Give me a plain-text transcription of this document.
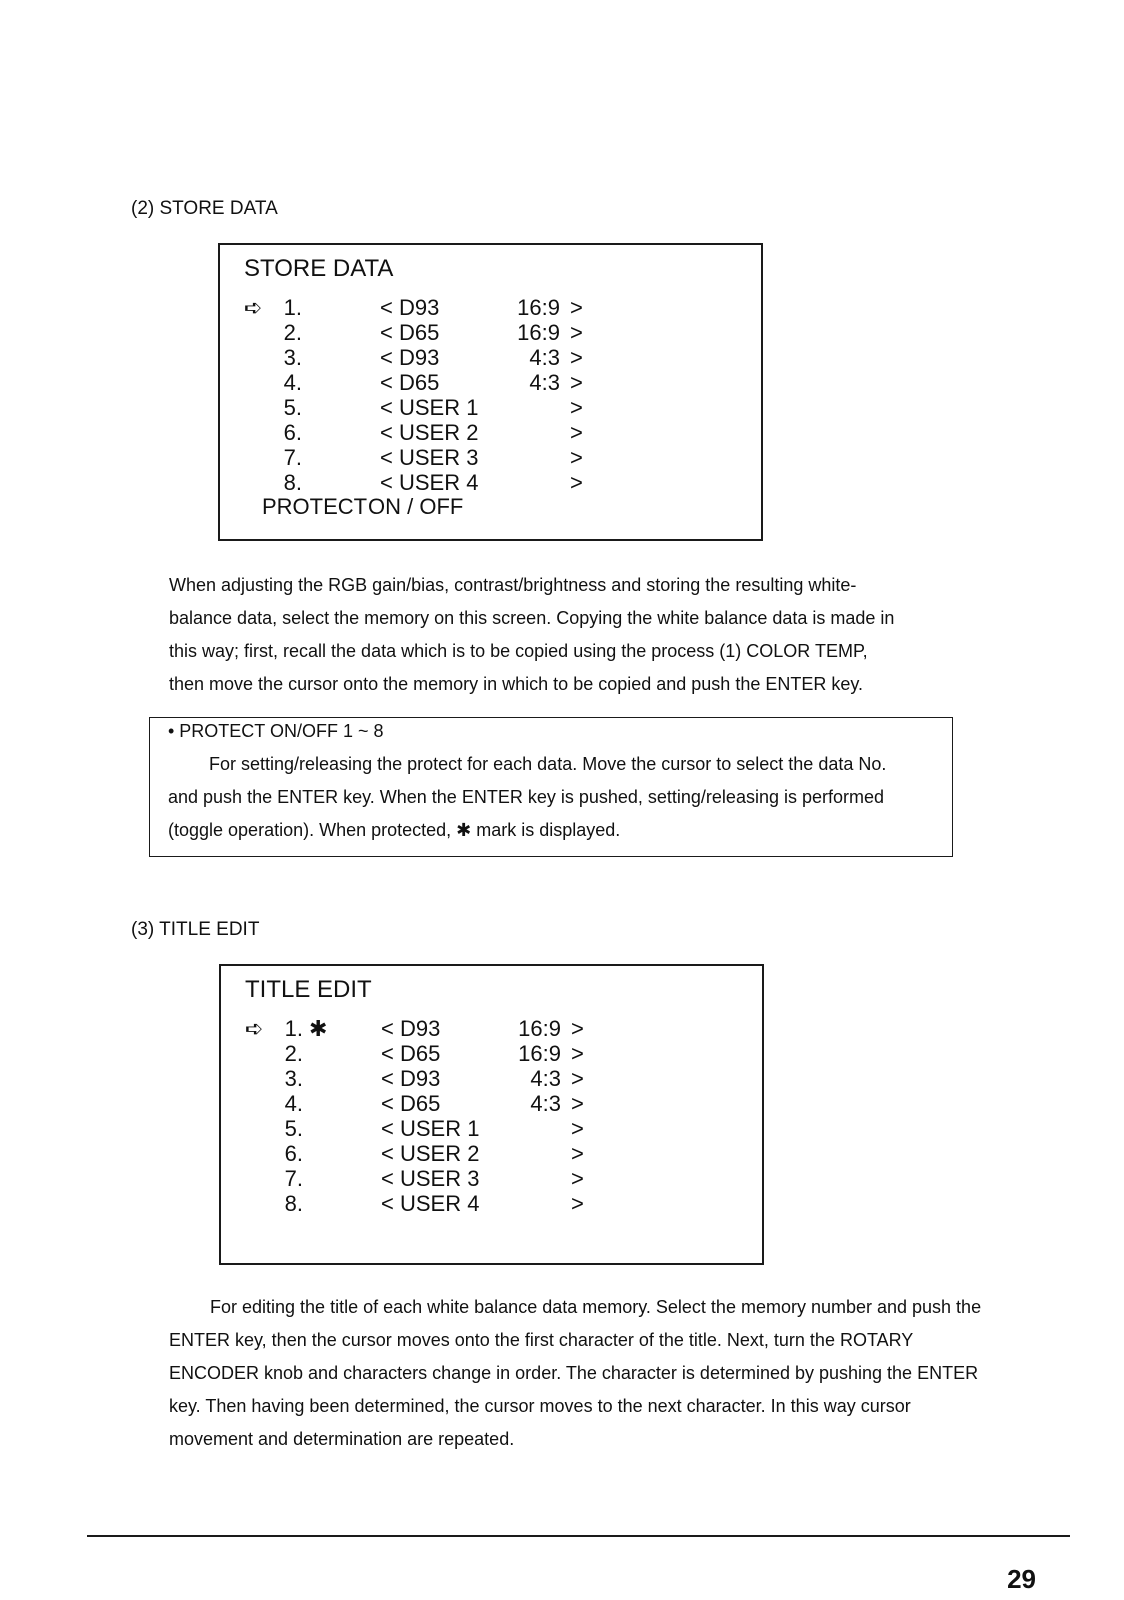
(2) STORE DATA
STORE DATA
➪ 1.	< D93	16:9 >
2.	< D65	16:9 >
3.	< D93	4:3 >
4.	< D65	4:3 >
5.	< USER 1	>
6.	< USER 2	>
7.	< USER 3	>
8.	< USER 4	>
PROTECT ON / OFF

When adjusting the RGB gain/bias, contrast/brightness and storing the resulting white-

balance data, select the memory on this screen. Copying the white balance data is made in

this way; first, recall the data which is to be copied using the process (1) COLOR TEMP,

then move the cursor onto the memory in which to be copied and push the ENTER key.

• PROTECT ON/OFF 1 ~ 8

For setting/releasing the protect for each data. Move the cursor to select the data No.

and push the ENTER key. When the ENTER key is pushed, setting/releasing is performed

(toggle operation). When protected, ✱ mark is displayed.

(3) TITLE EDIT
TITLE EDIT
➪ 1. ✱ < D93	16:9 >
2.	< D65	16:9 >
3.	< D93	4:3 >
4.	< D65	4:3 >
5.	< USER 1	>
6.	< USER 2	>
7.	< USER 3	>
8.	< USER 4	>

For editing the title of each white balance data memory. Select the memory number and push the

ENTER key, then the cursor moves onto the first character of the title. Next, turn the ROTARY

ENCODER knob and characters change in order. The character is determined by pushing the ENTER

key. Then having been determined, the cursor moves to the next character. In this way cursor

movement and determination are repeated.

29
